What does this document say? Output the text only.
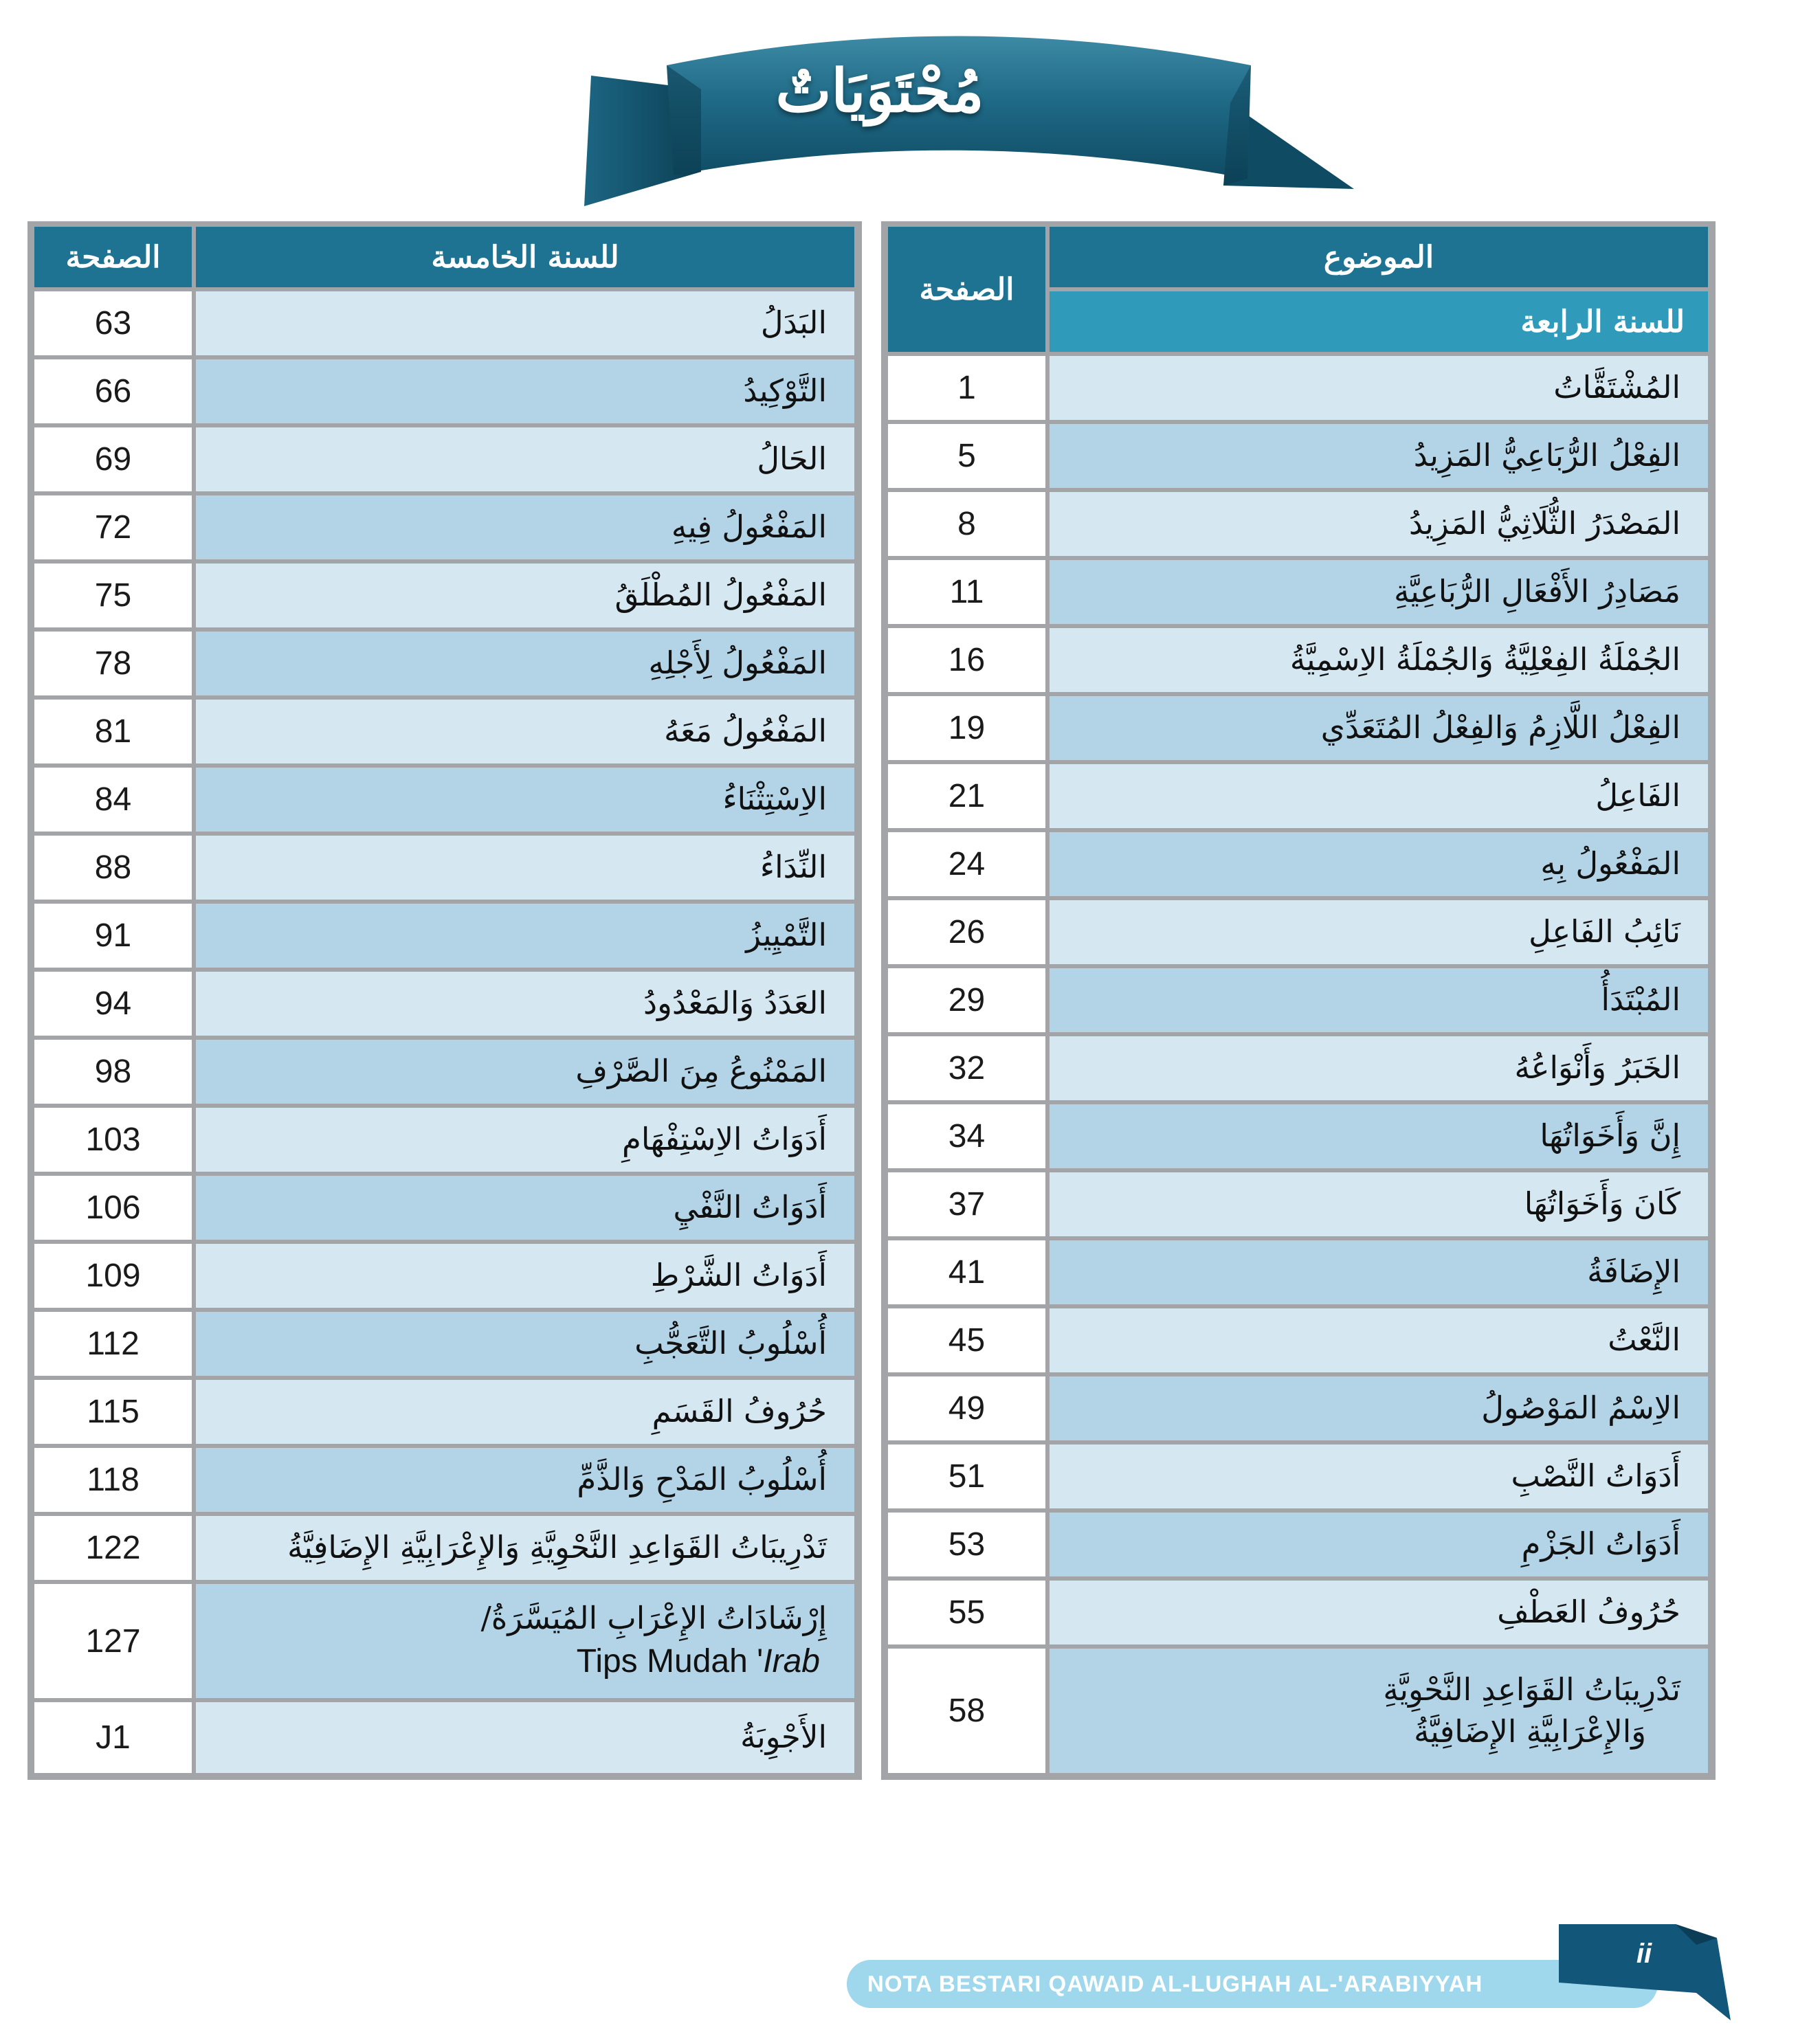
مُحْتَوَيَاتٌ
الموضوع
للسنة الرابعة
الصفحة
المُشْتَقَّاتُ
1
الفِعْلُ الرُّبَاعِيُّ المَزِيدُ
5
المَصْدَرُ الثُّلَاثِيُّ المَزِيدُ
8
مَصَادِرُ الأَفْعَالِ الرُّبَاعِيَّةِ
11
الجُمْلَةُ الفِعْلِيَّةُ وَالجُمْلَةُ الاِسْمِيَّةُ
16
الفِعْلُ اللَّازِمُ وَالفِعْلُ المُتَعَدِّي
19
الفَاعِلُ
21
المَفْعُولُ بِهِ
24
نَائِبُ الفَاعِلِ
26
المُبْتَدَأُ
29
الخَبَرُ وَأَنْوَاعُهُ
32
إِنَّ وَأَخَوَاتُهَا
34
كَانَ وَأَخَوَاتُهَا
37
الإِضَافَةُ
41
النَّعْتُ
45
الاِسْمُ المَوْصُولُ
49
أَدَوَاتُ النَّصْبِ
51
أَدَوَاتُ الجَزْمِ
53
حُرُوفُ العَطْفِ
55
تَدْرِيبَاتُ القَوَاعِدِ النَّحْوِيَّةِ
وَالإِعْرَابِيَّةِ الإِضَافِيَّةُ
58
للسنة الخامسة
الصفحة
البَدَلُ
63
التَّوْكِيدُ
66
الحَالُ
69
المَفْعُولُ فِيهِ
72
المَفْعُولُ المُطْلَقُ
75
المَفْعُولُ لِأَجْلِهِ
78
المَفْعُولُ مَعَهُ
81
الاِسْتِثْنَاءُ
84
النِّدَاءُ
88
التَّمْيِيزُ
91
العَدَدُ وَالمَعْدُودُ
94
المَمْنُوعُ مِنَ الصَّرْفِ
98
أَدَوَاتُ الاِسْتِفْهَامِ
103
أَدَوَاتُ النَّفْيِ
106
أَدَوَاتُ الشَّرْطِ
109
أُسْلُوبُ التَّعَجُّبِ
112
حُرُوفُ القَسَمِ
115
أُسْلُوبُ المَدْحِ وَالذَّمِّ
118
تَدْرِيبَاتُ القَوَاعِدِ النَّحْوِيَّةِ وَالإِعْرَابِيَّةِ الإِضَافِيَّةُ
122
إِرْشَادَاتُ الإِعْرَابِ المُيَسَّرَةُ/
Tips Mudah 'Irab
127
الأَجْوِبَةُ
J1
NOTA BESTARI QAWAID AL-LUGHAH AL-'ARABIYYAH
ii
